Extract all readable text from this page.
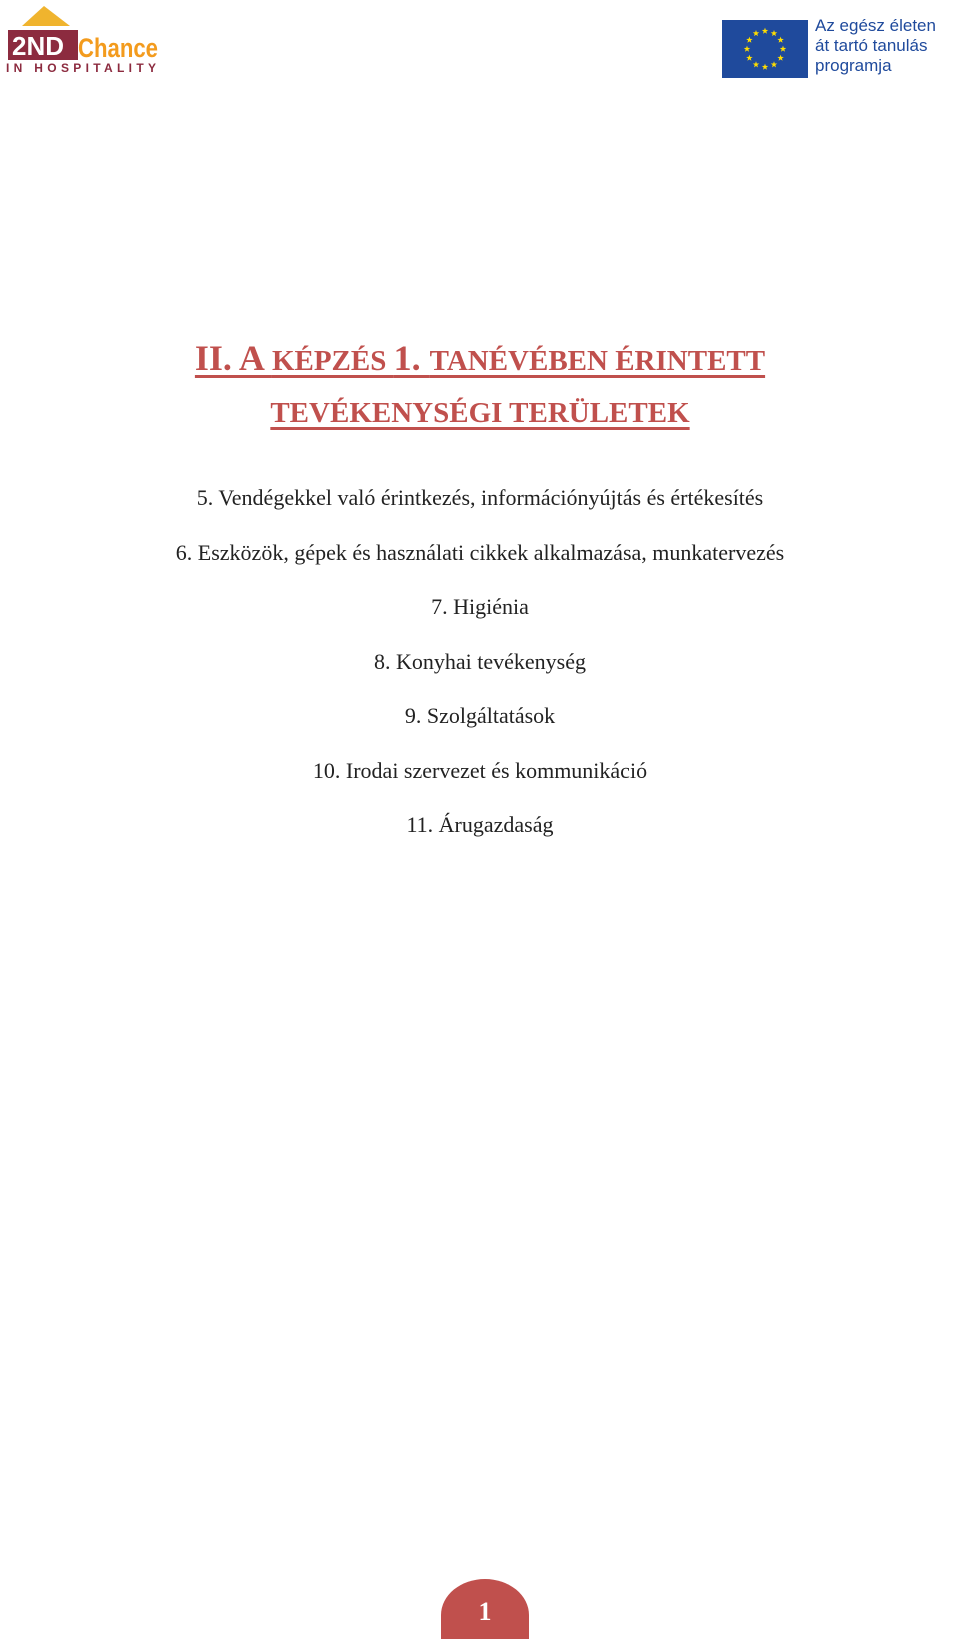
2ND Chance
IN HOSPITALITY
Az egész életen
át tartó tanulás
programja
II. A KÉPZÉS 1. TANÉVÉBEN ÉRINTETT
TEVÉKENYSÉGI TERÜLETEK
5. Vendégekkel való érintkezés, információnyújtás és értékesítés
6. Eszközök, gépek és használati cikkek alkalmazása, munkatervezés
7. Higiénia
8. Konyhai tevékenység
9. Szolgáltatások
10. Irodai szervezet és kommunikáció
11. Árugazdaság
1
